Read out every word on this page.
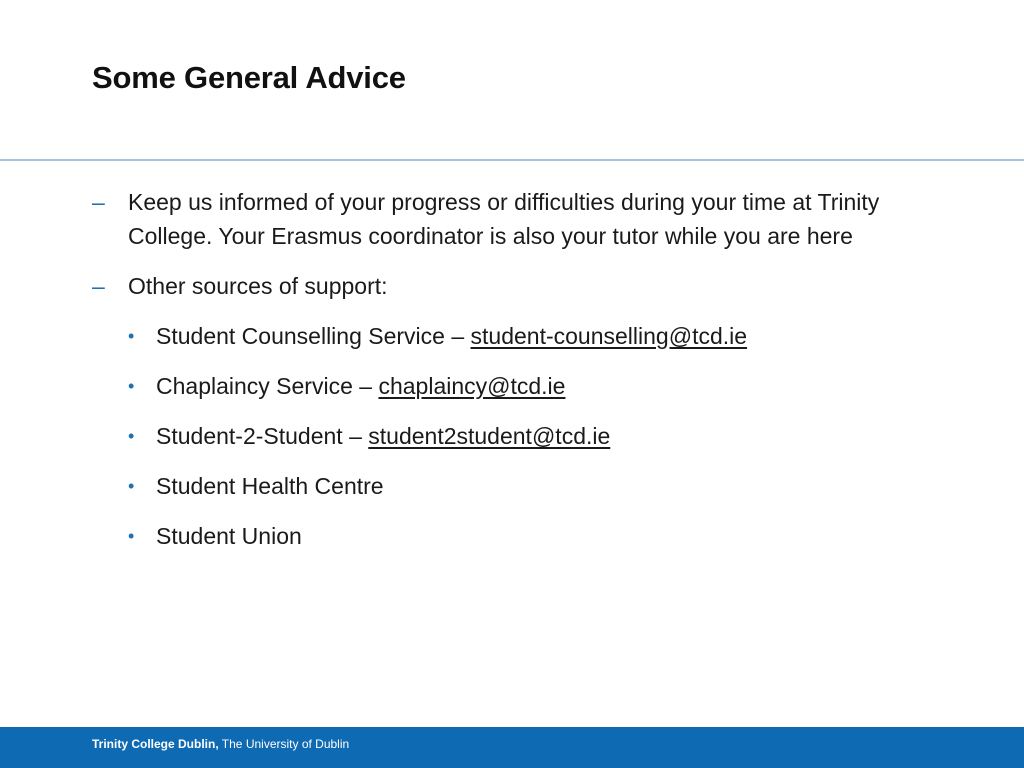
Some General Advice
– Keep us informed of your progress or difficulties during your time at Trinity College. Your Erasmus coordinator is also your tutor while you are here
– Other sources of support:
• Student Counselling Service – student-counselling@tcd.ie
• Chaplaincy Service – chaplaincy@tcd.ie
• Student-2-Student – student2student@tcd.ie
• Student Health Centre
• Student Union
Trinity College Dublin, The University of Dublin
